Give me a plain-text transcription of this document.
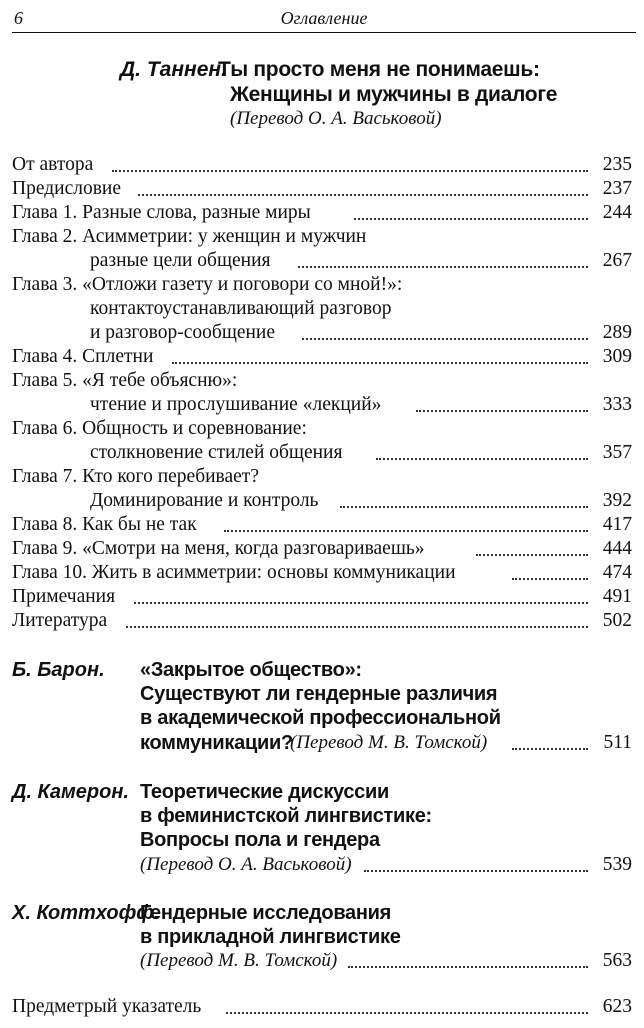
6	Оглавление
Д. Таннен.
Ты просто меня не понимаешь:
Женщины и мужчины в диалоге
(Перевод О. А. Васьковой)
От автора	235
Предисловие	237
Глава 1. Разные слова, разные миры	244
Глава 2. Асимметрии: у женщин и мужчин
разные цели общения	267
Глава 3. «Отложи газету и поговори со мной!»:
контактоустанавливающий разговор
и разговор-сообщение	289
Глава 4. Сплетни	309
Глава 5. «Я тебе объясню»:
чтение и прослушивание «лекций»	333
Глава 6. Общность и соревнование:
столкновение стилей общения	357
Глава 7. Кто кого перебивает?
Доминирование и контроль	392
Глава 8. Как бы не так	417
Глава 9. «Смотри на меня, когда разговариваешь»	444
Глава 10. Жить в асимметрии: основы коммуникации	474
Примечания	491
Литература	502
Б. Барон. «Закрытое общество»:
Существуют ли гендерные различия
в академической профессиональной
коммуникации?
(Перевод М. В. Томской)	511
Д. Камерон. Теоретические дискуссии
в феминистской лингвистике:
Вопросы пола и гендера
(Перевод О. А. Васьковой)	539
Х. Коттхофф.
Гендерные исследования
в прикладной лингвистике
(Перевод М. В. Томской)	563
Предметрый указатель	623
